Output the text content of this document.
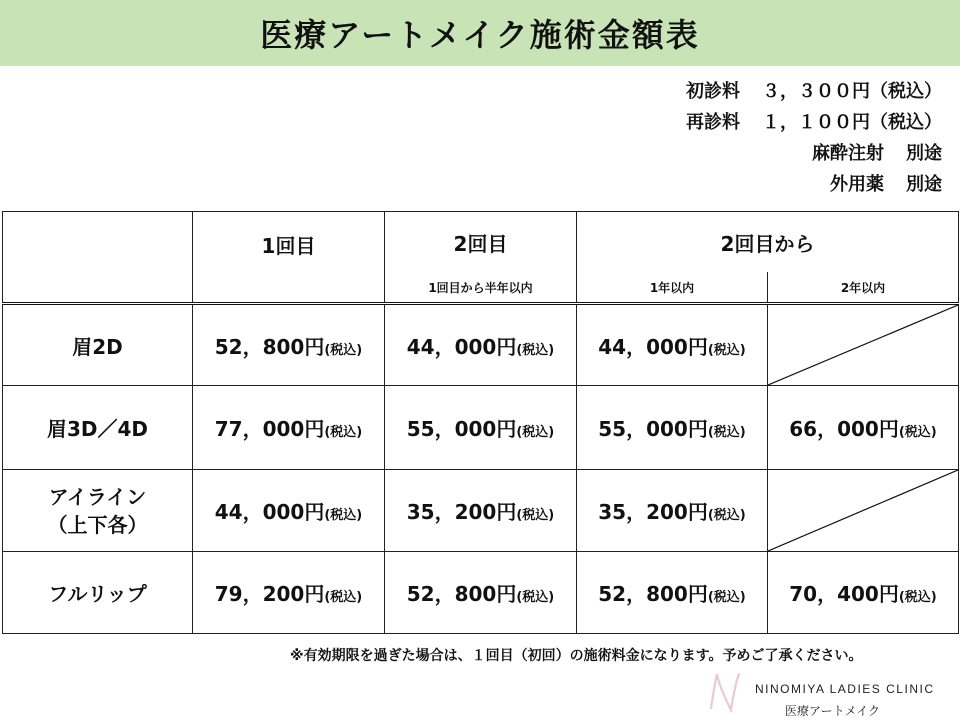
医療アートメイク施術金額表
初診料 ３，３００円（税込）
再診料 １，１００円（税込）
麻酔注射 別途
外用薬 別途
	1回目	2回目	2回目から	
		1回目から半年以内	1年以内	2年以内
眉2D	52，800円(税込)	44，000円(税込)	44，000円(税込)	

眉3D／4D	77，000円(税込)	55，000円(税込)	55，000円(税込)	66，000円(税込)

アイライン
（上下各）	44，000円(税込)	35，200円(税込)	35，200円(税込)	

フルリップ	79，200円(税込)	52，800円(税込)	52，800円(税込)	70，400円(税込)
※有効期限を過ぎた場合は、１回目（初回）の施術料金になります。予めご了承ください。
NINOMIYA LADIES CLINIC
医療アートメイク
